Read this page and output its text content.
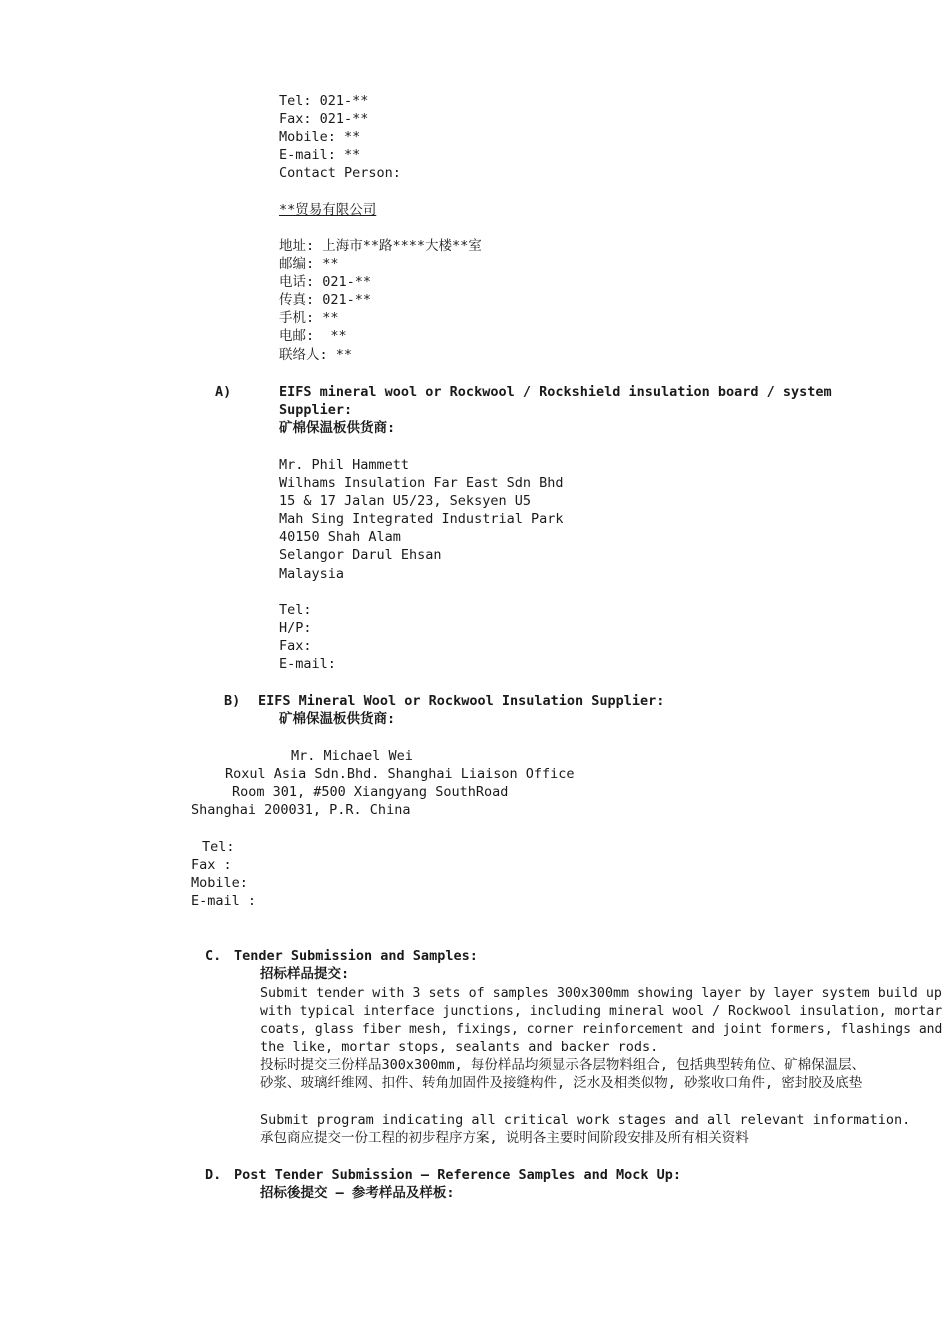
Tel: 021-**
Fax: 021-**
Mobile: **
E-mail: **
Contact Person:
**贸易有限公司
地址: 上海市**路****大楼**室
邮编: **
电话: 021-**
传真: 021-**
手机: **
电邮:  **
联络人: **
A)	EIFS mineral wool or Rockwool / Rockshield insulation board / system
Supplier:
矿棉保温板供货商:
Mr. Phil Hammett
Wilhams Insulation Far East Sdn Bhd
15 & 17 Jalan U5/23, Seksyen U5
Mah Sing Integrated Industrial Park
40150 Shah Alam
Selangor Darul Ehsan
Malaysia
Tel:
H/P:
Fax:
E-mail:
B) EIFS Mineral Wool or Rockwool Insulation Supplier:
矿棉保温板供货商:
Mr. Michael Wei
Roxul Asia Sdn.Bhd. Shanghai Liaison Office
Room 301, #500 Xiangyang SouthRoad
Shanghai 200031, P.R. China
Tel:
Fax :
Mobile:
E-mail :
C. Tender Submission and Samples:
招标样品提交:
Submit tender with 3 sets of samples 300x300mm showing layer by layer system build up
with typical interface junctions, including mineral wool / Rockwool insulation, mortar
coats, glass fiber mesh, fixings, corner reinforcement and joint formers, flashings and
the like, mortar stops, sealants and backer rods.
投标时提交三份样品300x300mm, 每份样品均须显示各层物料组合, 包括典型转角位、矿棉保温层、
砂浆、玻璃纤维网、扣件、转角加固件及接缝构件, 泛水及相类似物, 砂浆收口角件, 密封胶及底垫
Submit program indicating all critical work stages and all relevant information.
承包商应提交一份工程的初步程序方案, 说明各主要时间阶段安排及所有相关资料
D. Post Tender Submission – Reference Samples and Mock Up:
招标後提交 – 参考样品及样板:
